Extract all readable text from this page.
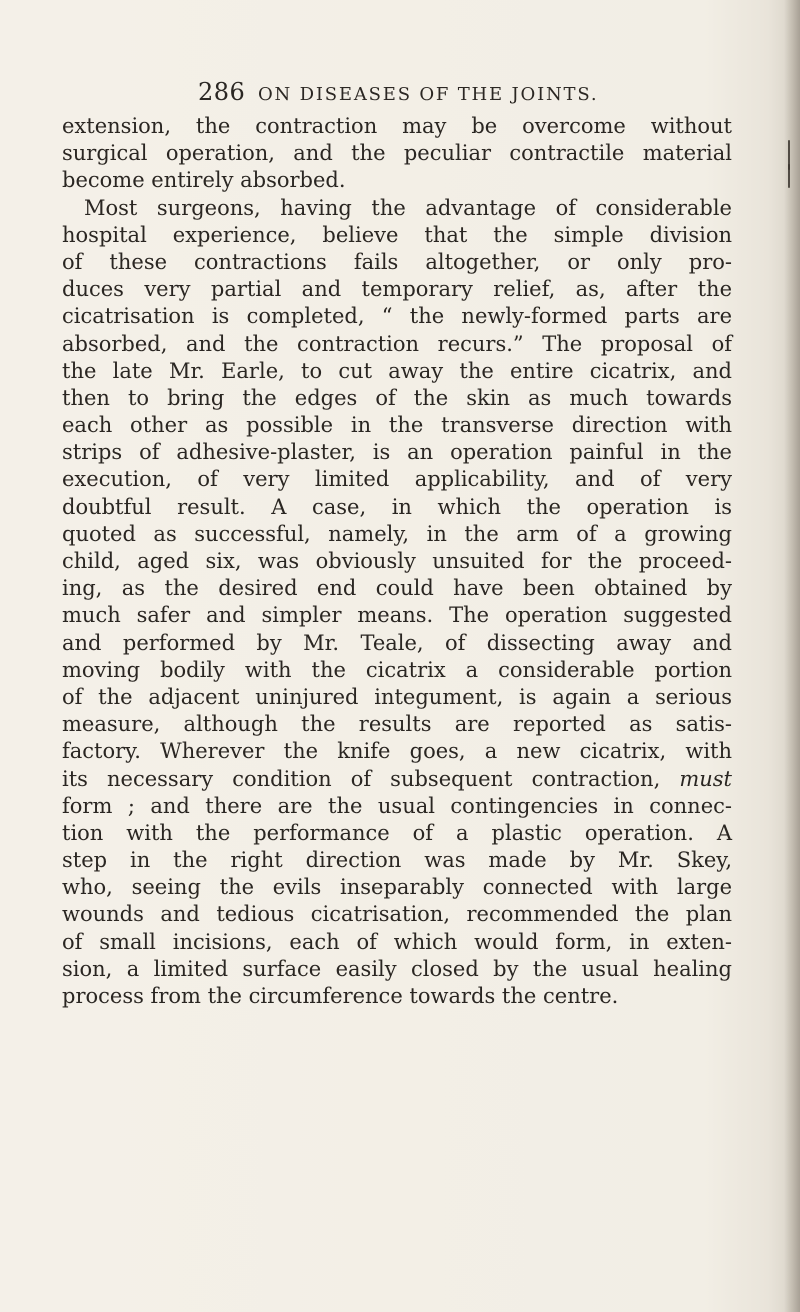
286 ON DISEASES OF THE JOINTS.
extension, the contraction may be overcome without
surgical operation, and the peculiar contractile material
become entirely absorbed.
Most surgeons, having the advantage of considerable
hospital experience, believe that the simple division
of these contractions fails altogether, or only pro-
duces very partial and temporary relief, as, after the
cicatrisation is completed, “ the newly-formed parts are
absorbed, and the contraction recurs.” The proposal of
the late Mr. Earle, to cut away the entire cicatrix, and
then to bring the edges of the skin as much towards
each other as possible in the transverse direction with
strips of adhesive-plaster, is an operation painful in the
execution, of very limited applicability, and of very
doubtful result. A case, in which the operation is
quoted as successful, namely, in the arm of a growing
child, aged six, was obviously unsuited for the proceed-
ing, as the desired end could have been obtained by
much safer and simpler means. The operation suggested
and performed by Mr. Teale, of dissecting away and
moving bodily with the cicatrix a considerable portion
of the adjacent uninjured integument, is again a serious
measure, although the results are reported as satis-
factory. Wherever the knife goes, a new cicatrix, with
its necessary condition of subsequent contraction, must
form ; and there are the usual contingencies in connec-
tion with the performance of a plastic operation. A
step in the right direction was made by Mr. Skey,
who, seeing the evils inseparably connected with large
wounds and tedious cicatrisation, recommended the plan
of small incisions, each of which would form, in exten-
sion, a limited surface easily closed by the usual healing
process from the circumference towards the centre.
